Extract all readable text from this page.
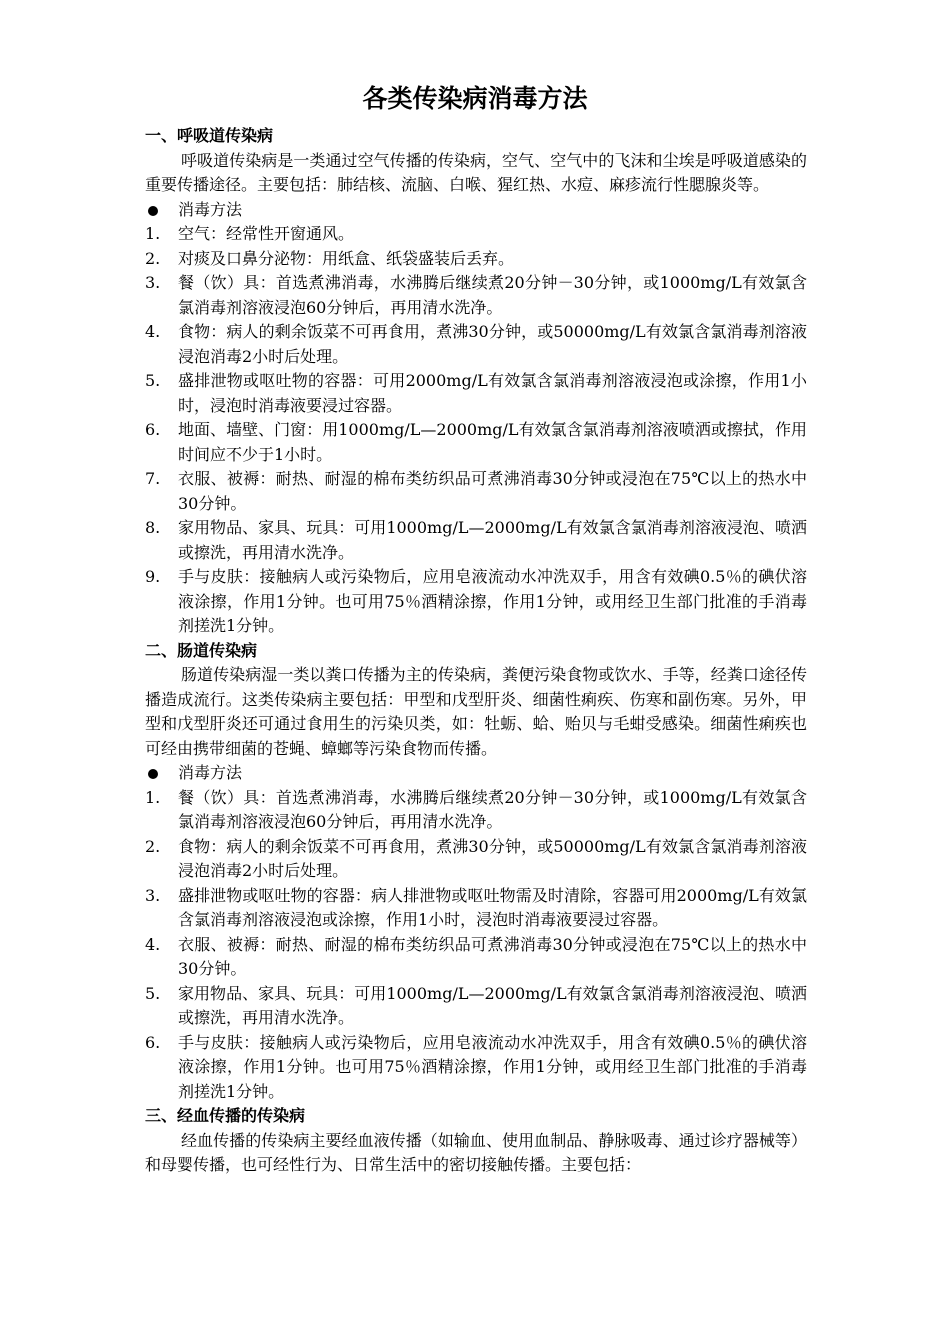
各类传染病消毒方法
一、呼吸道传染病
呼吸道传染病是一类通过空气传播的传染病，空气、空气中的飞沫和尘埃是呼吸道感染的重要传播途径。主要包括：肺结核、流脑、白喉、猩红热、水痘、麻疹流行性腮腺炎等。
消毒方法
1. 空气：经常性开窗通风。
2. 对痰及口鼻分泌物：用纸盒、纸袋盛装后丢弃。
3. 餐（饮）具：首选煮沸消毒，水沸腾后继续煮20分钟－30分钟，或1000mg/L有效氯含氯消毒剂溶液浸泡60分钟后，再用清水洗净。
4. 食物：病人的剩余饭菜不可再食用，煮沸30分钟，或50000mg/L有效氯含氯消毒剂溶液浸泡消毒2小时后处理。
5. 盛排泄物或呕吐物的容器：可用2000mg/L有效氯含氯消毒剂溶液浸泡或涂擦，作用1小时，浸泡时消毒液要浸过容器。
6. 地面、墙壁、门窗：用1000mg/L—2000mg/L有效氯含氯消毒剂溶液喷洒或擦拭，作用时间应不少于1小时。
7. 衣服、被褥：耐热、耐湿的棉布类纺织品可煮沸消毒30分钟或浸泡在75℃以上的热水中30分钟。
8. 家用物品、家具、玩具：可用1000mg/L—2000mg/L有效氯含氯消毒剂溶液浸泡、喷洒或擦洗，再用清水洗净。
9. 手与皮肤：接触病人或污染物后，应用皂液流动水冲洗双手，用含有效碘0.5％的碘伏溶液涂擦，作用1分钟。也可用75％酒精涂擦，作用1分钟，或用经卫生部门批准的手消毒剂搓洗1分钟。
二、肠道传染病
肠道传染病湿一类以粪口传播为主的传染病，粪便污染食物或饮水、手等，经粪口途径传播造成流行。这类传染病主要包括：甲型和戊型肝炎、细菌性痢疾、伤寒和副伤寒。另外，甲型和戊型肝炎还可通过食用生的污染贝类，如：牡蛎、蛤、贻贝与毛蚶受感染。细菌性痢疾也可经由携带细菌的苍蝇、蟑螂等污染食物而传播。
消毒方法
1. 餐（饮）具：首选煮沸消毒，水沸腾后继续煮20分钟－30分钟，或1000mg/L有效氯含氯消毒剂溶液浸泡60分钟后，再用清水洗净。
2. 食物：病人的剩余饭菜不可再食用，煮沸30分钟，或50000mg/L有效氯含氯消毒剂溶液浸泡消毒2小时后处理。
3. 盛排泄物或呕吐物的容器：病人排泄物或呕吐物需及时清除，容器可用2000mg/L有效氯含氯消毒剂溶液浸泡或涂擦，作用1小时，浸泡时消毒液要浸过容器。
4. 衣服、被褥：耐热、耐湿的棉布类纺织品可煮沸消毒30分钟或浸泡在75℃以上的热水中30分钟。
5. 家用物品、家具、玩具：可用1000mg/L—2000mg/L有效氯含氯消毒剂溶液浸泡、喷洒或擦洗，再用清水洗净。
6. 手与皮肤：接触病人或污染物后，应用皂液流动水冲洗双手，用含有效碘0.5％的碘伏溶液涂擦，作用1分钟。也可用75％酒精涂擦，作用1分钟，或用经卫生部门批准的手消毒剂搓洗1分钟。
三、经血传播的传染病
经血传播的传染病主要经血液传播（如输血、使用血制品、静脉吸毒、通过诊疗器械等）和母婴传播，也可经性行为、日常生活中的密切接触传播。主要包括：
